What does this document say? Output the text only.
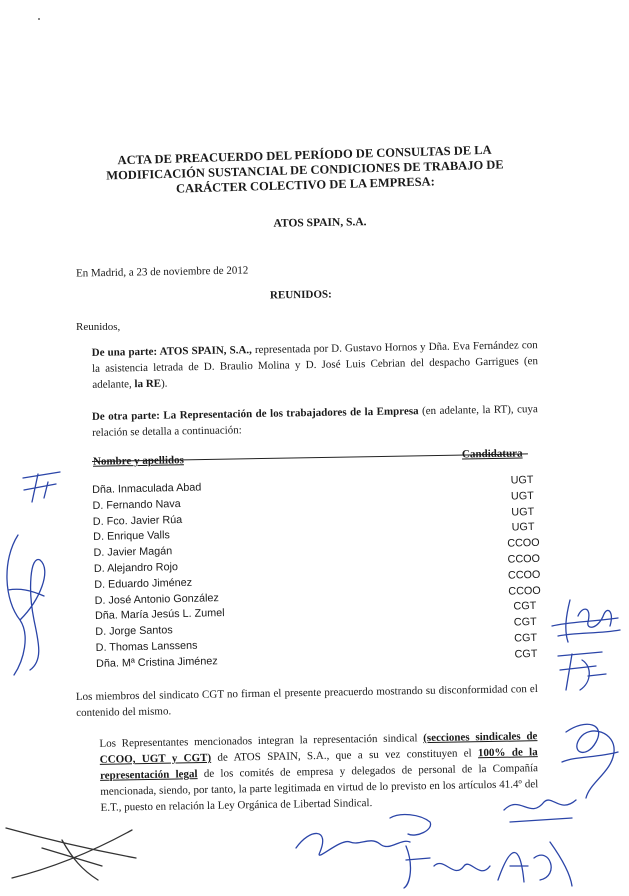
ACTA DE PREACUERDO DEL PERÍODO DE CONSULTAS DE LA MODIFICACIÓN SUSTANCIAL DE CONDICIONES DE TRABAJO DE CARÁCTER COLECTIVO DE LA EMPRESA:
ATOS SPAIN, S.A.
En Madrid, a 23 de noviembre de 2012
REUNIDOS:
Reunidos,
De una parte: ATOS SPAIN, S.A., representada por D. Gustavo Hornos y Dña. Eva Fernández con la asistencia letrada de D. Braulio Molina y D. José Luis Cebrian del despacho Garrigues (en adelante, la RE).
De otra parte: La Representación de los trabajadores de la Empresa (en adelante, la RT), cuya relación se detalla a continuación:
Candidatura
Nombre y apellidos
Dña. Inmaculada Abad
UGT
D. Fernando Nava
UGT
D. Fco. Javier Rúa
UGT
D. Enrique Valls
UGT
D. Javier Magán
CCOO
D. Alejandro Rojo
CCOO
D. Eduardo Jiménez
CCOO
D. José Antonio González
CCOO
Dña. María Jesús L. Zumel
CGT
D. Jorge Santos
CGT
D. Thomas Lanssens
CGT
Dña. Mª Cristina Jiménez
CGT
Los miembros del sindicato CGT no firman el presente preacuerdo mostrando su disconformidad con el contenido del mismo.
Los Representantes mencionados integran la representación sindical (secciones sindicales de CCOO, UGT y CGT) de ATOS SPAIN, S.A., que a su vez constituyen el 100% de la representación legal de los comités de empresa y delegados de personal de la Compañía mencionada, siendo, por tanto, la parte legitimada en virtud de lo previsto en los artículos 41.4º del E.T., puesto en relación la Ley Orgánica de Libertad Sindical.
